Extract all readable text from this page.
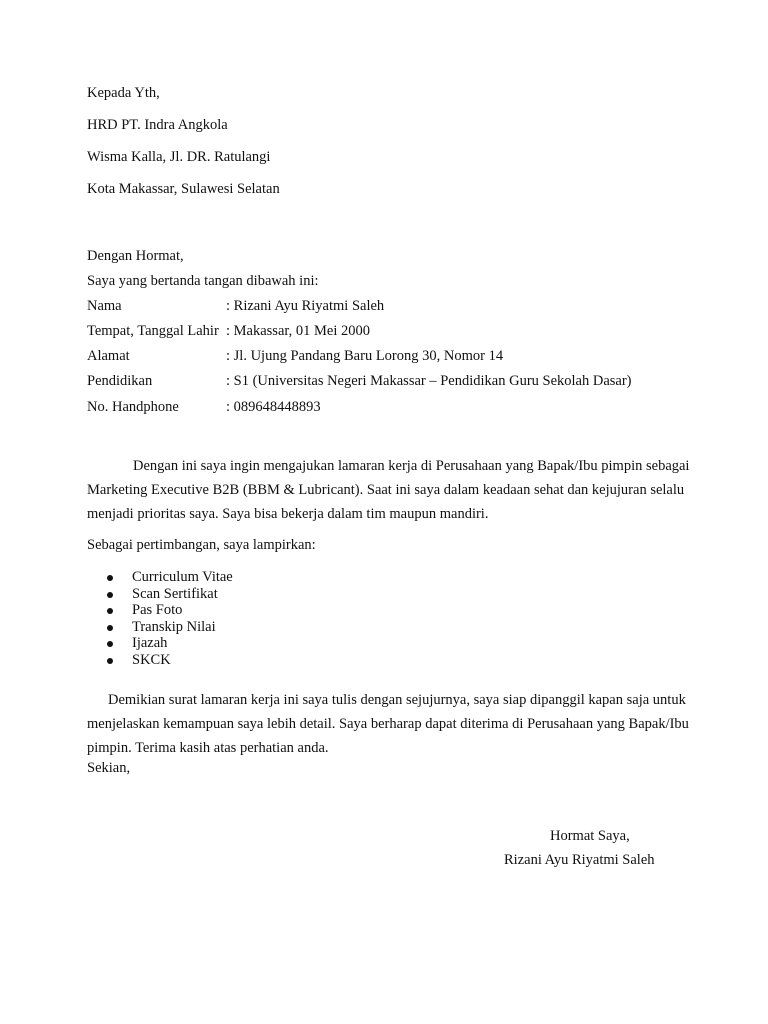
Kepada Yth,
HRD PT. Indra Angkola
Wisma Kalla, Jl. DR. Ratulangi
Kota Makassar, Sulawesi Selatan
Dengan Hormat,
Saya yang bertanda tangan dibawah ini:
Nama	: Rizani Ayu Riyatmi Saleh
Tempat, Tanggal Lahir : Makassar, 01 Mei 2000
Alamat	: Jl. Ujung Pandang Baru Lorong 30, Nomor 14
Pendidikan	: S1 (Universitas Negeri Makassar – Pendidikan Guru Sekolah Dasar)
No. Handphone	: 089648448893
Dengan ini saya ingin mengajukan lamaran kerja di Perusahaan yang Bapak/Ibu pimpin sebagai
Marketing Executive B2B (BBM & Lubricant). Saat ini saya dalam keadaan sehat dan kejujuran selalu
menjadi prioritas saya. Saya bisa bekerja dalam tim maupun mandiri.
Sebagai pertimbangan, saya lampirkan:
Curriculum Vitae
Scan Sertifikat
Pas Foto
Transkip Nilai
Ijazah
SKCK
Demikian surat lamaran kerja ini saya tulis dengan sejujurnya, saya siap dipanggil kapan saja untuk
menjelaskan kemampuan saya lebih detail. Saya berharap dapat diterima di Perusahaan yang Bapak/Ibu
pimpin. Terima kasih atas perhatian anda.
Sekian,
Hormat Saya,
Rizani Ayu Riyatmi Saleh
